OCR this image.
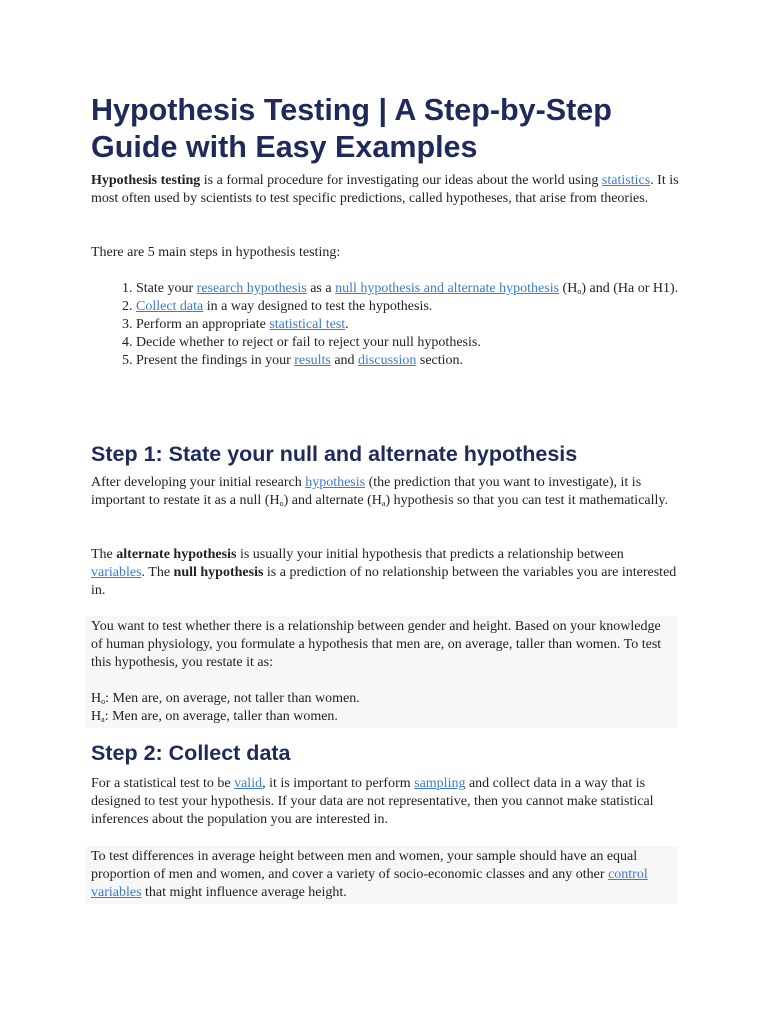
Hypothesis Testing | A Step-by-Step Guide with Easy Examples

Hypothesis testing is a formal procedure for investigating our ideas about the world using statistics. It is most often used by scientists to test specific predictions, called hypotheses, that arise from theories.

There are 5 main steps in hypothesis testing:

1. State your research hypothesis as a null hypothesis and alternate hypothesis $(H_o)$ and (Ha or H1).
2. Collect data in a way designed to test the hypothesis.
3. Perform an appropriate statistical test.
4. Decide whether to reject or fail to reject your null hypothesis.
5. Present the findings in your results and discussion section.
Step 1: State your null and alternate hypothesis

After developing your initial research hypothesis (the prediction that you want to investigate), it is important to restate it as a null $(H_o)$ and alternate $(H_a)$ hypothesis so that you can test it mathematically.

The alternate hypothesis is usually your initial hypothesis that predicts a relationship between variables. The null hypothesis is a prediction of no relationship between the variables you are interested in.

You want to test whether there is a relationship between gender and height. Based on your knowledge of human physiology, you formulate a hypothesis that men are, on average, taller than women. To test this hypothesis, you restate it as:

$H_o$: Men are, on average, not taller than women.

$H_a$: Men are, on average, taller than women.

Step 2: Collect data

For a statistical test to be valid, it is important to perform sampling and collect data in a way that is designed to test your hypothesis. If your data are not representative, then you cannot make statistical inferences about the population you are interested in.

To test differences in average height between men and women, your sample should have an equal proportion of men and women, and cover a variety of socio-economic classes and any other control variables that might influence average height.
